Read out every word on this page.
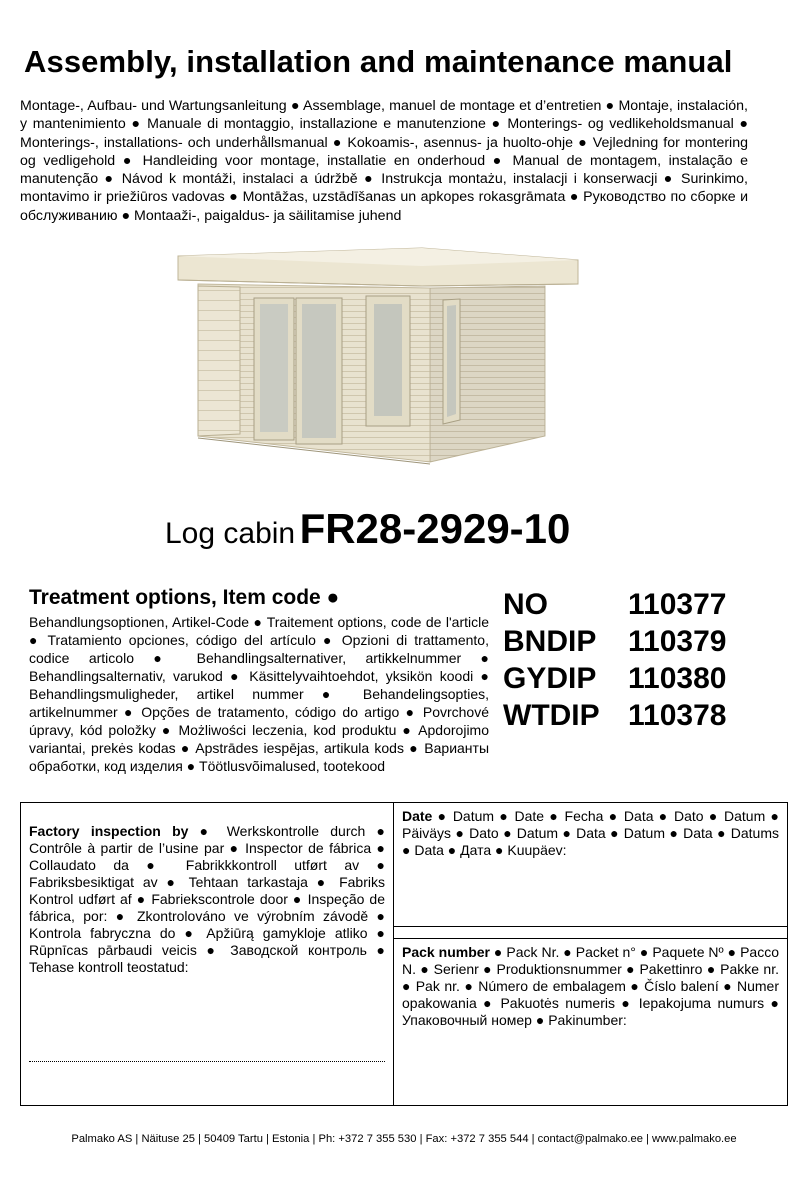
Assembly, installation and maintenance manual
Montage-, Aufbau- und Wartungsanleitung ● Assemblage, manuel de montage et d’entretien ● Montaje, instalación, y mantenimiento ● Manuale di montaggio, installazione e manutenzione ● Monterings- og vedlikeholdsmanual ● Monterings-, installations- och underhållsmanual ● Kokoamis-, asennus- ja huolto-ohje ● Vejledning for montering og vedligehold ● Handleiding voor montage, installatie en onderhoud ● Manual de montagem, instalação e manutenção ● Návod k montáži, instalaci a údržbě ● Instrukcja montażu, instalacji i konserwacji ● Surinkimo, montavimo ir priežiūros vadovas ● Montāžas, uzstādīšanas un apkopes rokasgrāmata ● Руководство по сборке и обслуживанию ● Montaaži-, paigaldus- ja säilitamise juhend
Log cabin FR28-2929-10
Treatment options, Item code ●
Behandlungsoptionen, Artikel-Code ● Traitement options, code de l'article ● Tratamiento opciones, código del artículo ● Opzioni di trattamento, codice articolo ● Behandlingsalternativer, artikkelnummer ● Behandlingsalternativ, varukod ● Käsittelyvaihtoehdot, yksikön koodi ● Behandlingsmuligheder, artikel nummer ● Behandelingsopties, artikelnummer ● Opções de tratamento, código do artigo ● Povrchové úpravy, kód položky ● Możliwości leczenia, kod produktu ● Apdorojimo variantai, prekės kodas ● Apstrādes iespējas, artikula kods ● Варианты обработки, код изделия ● Töötlusvõimalused, tootekood
NO	110377
BNDIP	110379
GYDIP	110380
WTDIP 110378
Factory inspection by ● Werkskontrolle durch ● Contrôle à partir de l’usine par ● Inspector de fábrica ● Collaudato da ● Fabrikkkontroll utført av ● Fabriksbesiktigat av ● Tehtaan tarkastaja ● Fabriks Kontrol udført af ● Fabriekscontrole door ● Inspeção de fábrica, por: ● Zkontrolováno ve výrobním závodě ● Kontrola fabryczna do ● Apžiūrą gamykloje atliko ● Rūpnīcas pārbaudi veicis ● Заводской контроль ● Tehase kontroll teostatud:
Date ● Datum ● Date ● Fecha ● Data ● Dato ● Datum ● Päiväys ● Dato ● Datum ● Data ● Datum ● Data ● Datums ● Data ● Дата ● Kuupäev:
Pack number ● Pack Nr. ● Packet n° ● Paquete Nº ● Pacco N. ● Serienr ● Produktionsnummer ● Pakettinro ● Pakke nr. ● Pak nr. ● Número de embalagem ● Číslo balení ● Numer opakowania ● Pakuotės numeris ● Iepakojuma numurs ● Упаковочный номер ● Pakinumber:
Palmako AS | Näituse 25 | 50409 Tartu | Estonia | Ph: +372 7 355 530 | Fax: +372 7 355 544 | contact@palmako.ee | www.palmako.ee
